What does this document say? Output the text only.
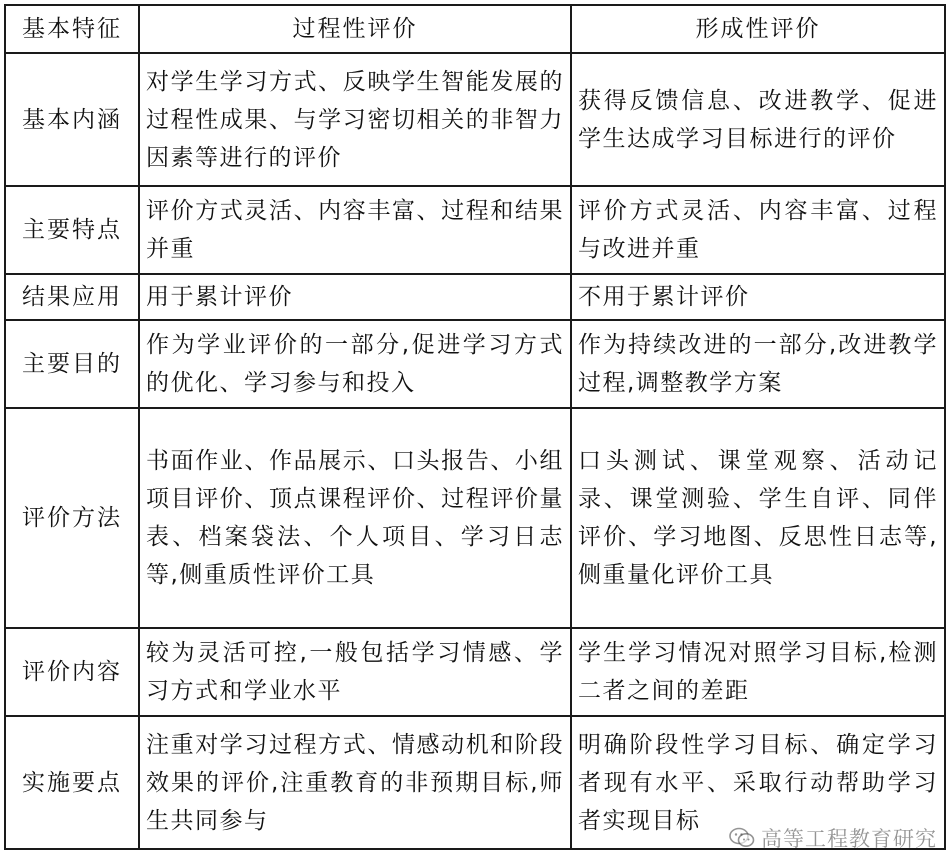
基本特征	过程性评价	形成性评价
基本内涵	对学生学习方式、反映学生智能发展的过程性成果、与学习密切相关的非智力因素等进行的评价	获得反馈信息、改进教学、促进学生达成学习目标进行的评价
主要特点	评价方式灵活、内容丰富、过程和结果并重	评价方式灵活、内容丰富、过程与改进并重
结果应用	用于累计评价	不用于累计评价
主要目的	作为学业评价的一部分,促进学习方式的优化、学习参与和投入	作为持续改进的一部分,改进教学过程,调整教学方案
评价方法	书面作业、作品展示、口头报告、小组项目评价、顶点课程评价、过程评价量表、档案袋法、个人项目、学习日志等,侧重质性评价工具	口头测试、课堂观察、活动记录、课堂测验、学生自评、同伴评价、学习地图、反思性日志等,侧重量化评价工具
评价内容	较为灵活可控,一般包括学习情感、学习方式和学业水平	学生学习情况对照学习目标,检测二者之间的差距
实施要点	注重对学习过程方式、情感动机和阶段效果的评价,注重教育的非预期目标,师生共同参与	明确阶段性学习目标、确定学习者现有水平、采取行动帮助学习者实现目标
高等工程教育研究
